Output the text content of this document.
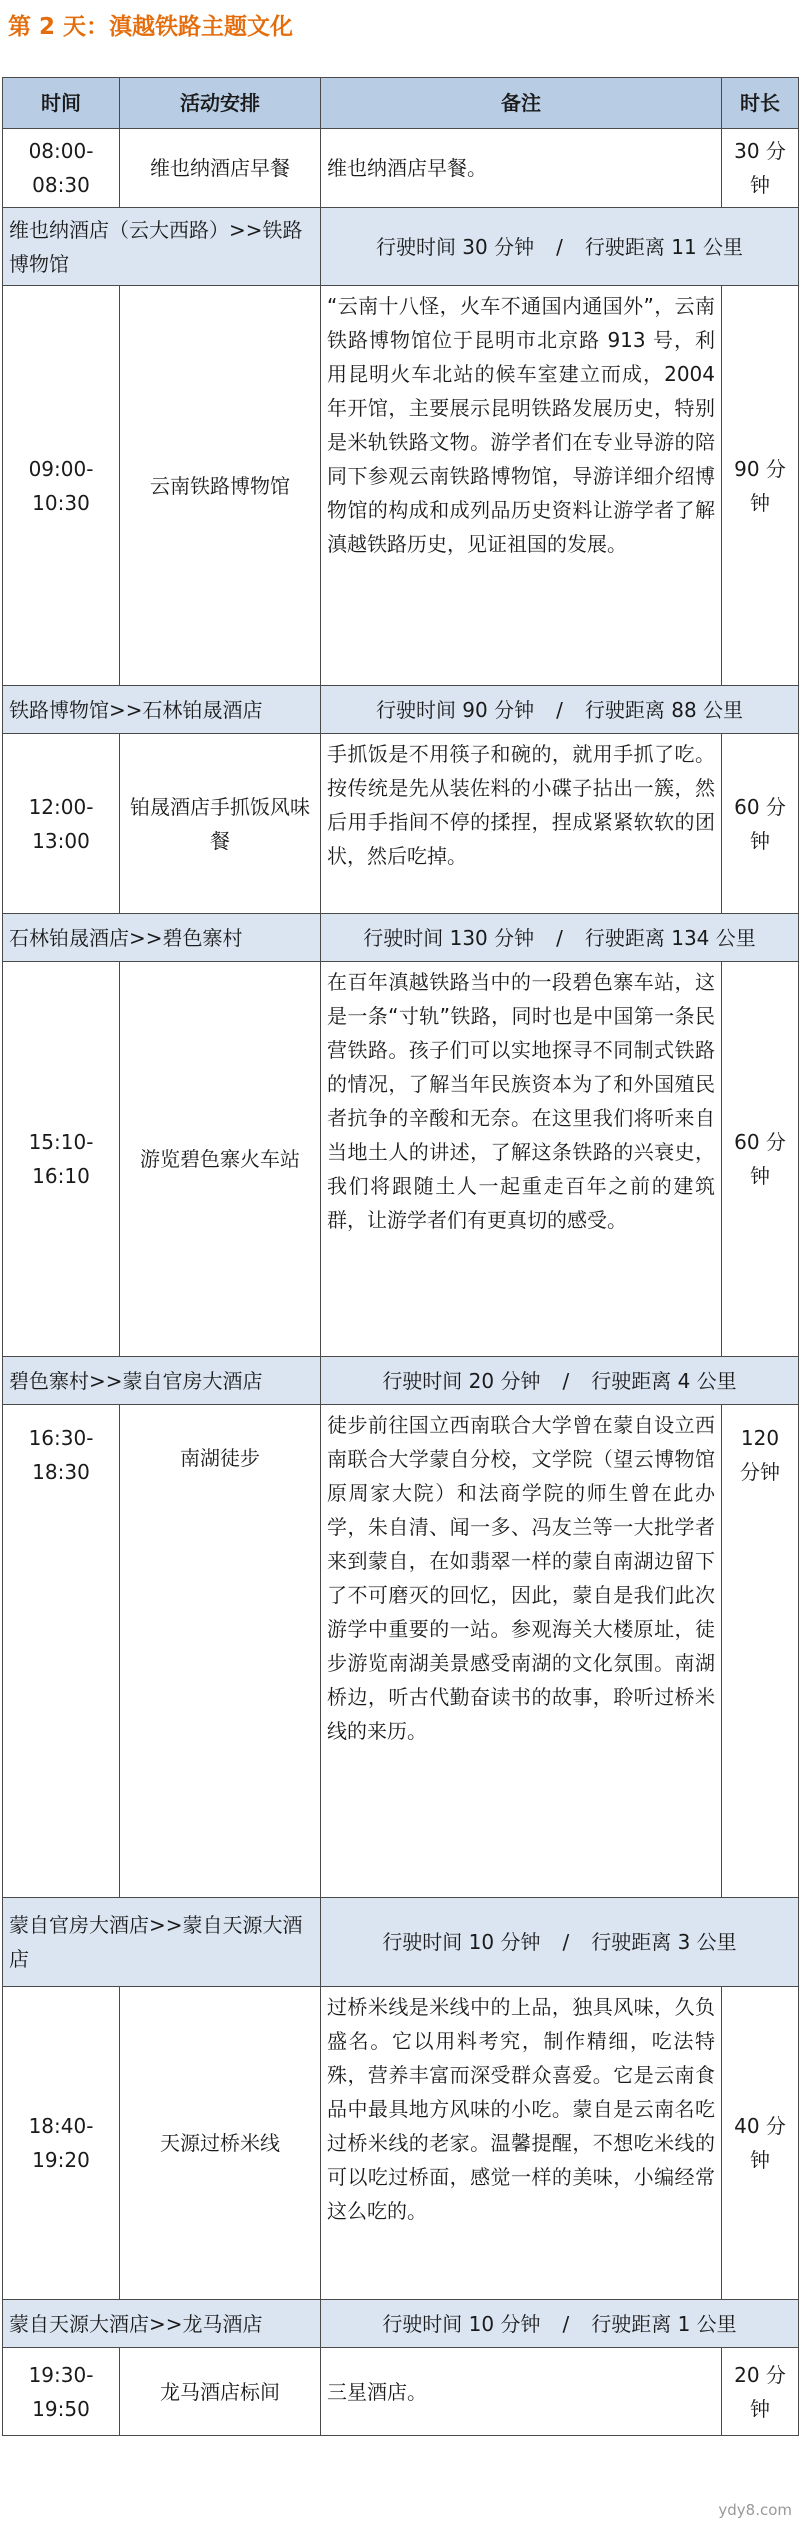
第 2 天：滇越铁路主题文化
时间	活动安排	备注	时长
08:00-08:30	维也纳酒店早餐	维也纳酒店早餐。	30 分钟
维也纳酒店（云大西路）>>铁路博物馆		行驶时间 30 分钟 / 行驶距离 11 公里	
09:00-10:30	云南铁路博物馆	“云南十八怪，火车不通国内通国外”，云南铁路博物馆位于昆明市北京路 913 号，利用昆明火车北站的候车室建立而成，2004 年开馆，主要展示昆明铁路发展历史，特别是米轨铁路文物。游学者们在专业导游的陪同下参观云南铁路博物馆，导游详细介绍博物馆的构成和成列品历史资料让游学者了解滇越铁路历史，见证祖国的发展。	90 分钟
铁路博物馆>>石林铂晟酒店		行驶时间 90 分钟 / 行驶距离 88 公里	
12:00-13:00	铂晟酒店手抓饭风味餐	手抓饭是不用筷子和碗的，就用手抓了吃。按传统是先从装佐料的小碟子拈出一簇，然后用手指间不停的揉捏，捏成紧紧软软的团状，然后吃掉。	60 分钟
石林铂晟酒店>>碧色寨村		行驶时间 130 分钟 / 行驶距离 134 公里	
15:10-16:10	游览碧色寨火车站	在百年滇越铁路当中的一段碧色寨车站，这是一条“寸轨”铁路，同时也是中国第一条民营铁路。孩子们可以实地探寻不同制式铁路的情况，了解当年民族资本为了和外国殖民者抗争的辛酸和无奈。在这里我们将听来自当地土人的讲述，了解这条铁路的兴衰史，我们将跟随土人一起重走百年之前的建筑群，让游学者们有更真切的感受。	60 分钟
碧色寨村>>蒙自官房大酒店		行驶时间 20 分钟 / 行驶距离 4 公里	
16:30-18:30	南湖徒步	徒步前往国立西南联合大学曾在蒙自设立西南联合大学蒙自分校，文学院（望云博物馆原周家大院）和法商学院的师生曾在此办学，朱自清、闻一多、冯友兰等一大批学者来到蒙自，在如翡翠一样的蒙自南湖边留下了不可磨灭的回忆，因此，蒙自是我们此次游学中重要的一站。参观海关大楼原址，徒步游览南湖美景感受南湖的文化氛围。南湖桥边，听古代勤奋读书的故事，聆听过桥米线的来历。	120 分钟
蒙自官房大酒店>>蒙自天源大酒店		行驶时间 10 分钟 / 行驶距离 3 公里	
18:40-19:20	天源过桥米线	过桥米线是米线中的上品，独具风味，久负盛名。它以用料考究，制作精细，吃法特殊，营养丰富而深受群众喜爱。它是云南食品中最具地方风味的小吃。蒙自是云南名吃过桥米线的老家。温馨提醒，不想吃米线的可以吃过桥面，感觉一样的美味，小编经常这么吃的。	40 分钟
蒙自天源大酒店>>龙马酒店		行驶时间 10 分钟 / 行驶距离 1 公里	
19:30-19:50	龙马酒店标间	三星酒店。	20 分钟
ydy8.com
